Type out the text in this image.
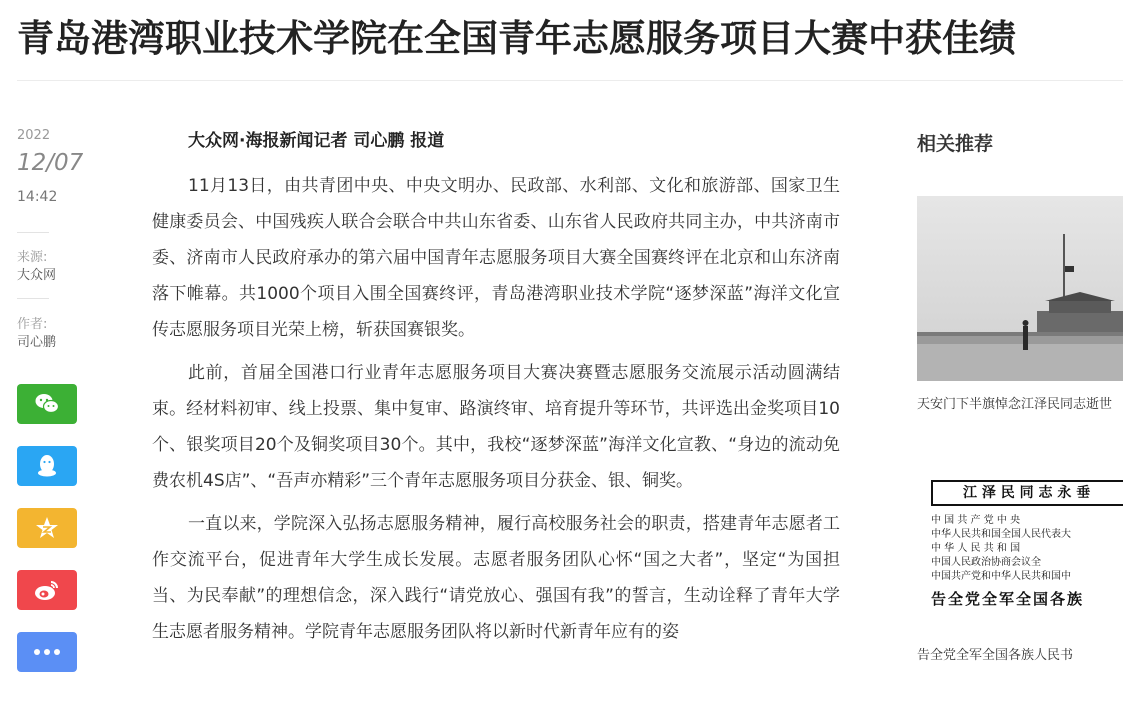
青岛港湾职业技术学院在全国青年志愿服务项目大赛中获佳绩
2022
12/07
14:42
来源:
大众网
作者:
司心鹏

大众网·海报新闻记者 司心鹏 报道

11月13日，由共青团中央、中央文明办、民政部、水利部、文化和旅游部、国家卫生健康委员会、中国残疾人联合会联合中共山东省委、山东省人民政府共同主办，中共济南市委、济南市人民政府承办的第六届中国青年志愿服务项目大赛全国赛终评在北京和山东济南落下帷幕。共1000个项目入围全国赛终评，青岛港湾职业技术学院“逐梦深蓝”海洋文化宣传志愿服务项目光荣上榜，斩获国赛银奖。

此前，首届全国港口行业青年志愿服务项目大赛决赛暨志愿服务交流展示活动圆满结束。经材料初审、线上投票、集中复审、路演终审、培育提升等环节，共评选出金奖项目10个、银奖项目20个及铜奖项目30个。其中，我校“逐梦深蓝”海洋文化宣教、“身边的流动免费农机4S店”、“吾声亦精彩”三个青年志愿服务项目分获金、银、铜奖。

一直以来，学院深入弘扬志愿服务精神，履行高校服务社会的职责，搭建青年志愿者工作交流平台，促进青年大学生成长发展。志愿者服务团队心怀“国之大者”，坚定“为国担当、为民奉献”的理想信念，深入践行“请党放心、强国有我”的誓言，生动诠释了青年大学生志愿者服务精神。学院青年志愿服务团队将以新时代新青年应有的姿

相关推荐
天安门下半旗悼念江泽民同志逝世
江 泽 民 同 志 永 垂
中 国 共 产 党 中 央
中华人民共和国全国人民代表大
中 华 人 民 共 和 国
中国人民政治协商会议全
中国共产党和中华人民共和国中
告全党全军全国各族
告全党全军全国各族人民书
